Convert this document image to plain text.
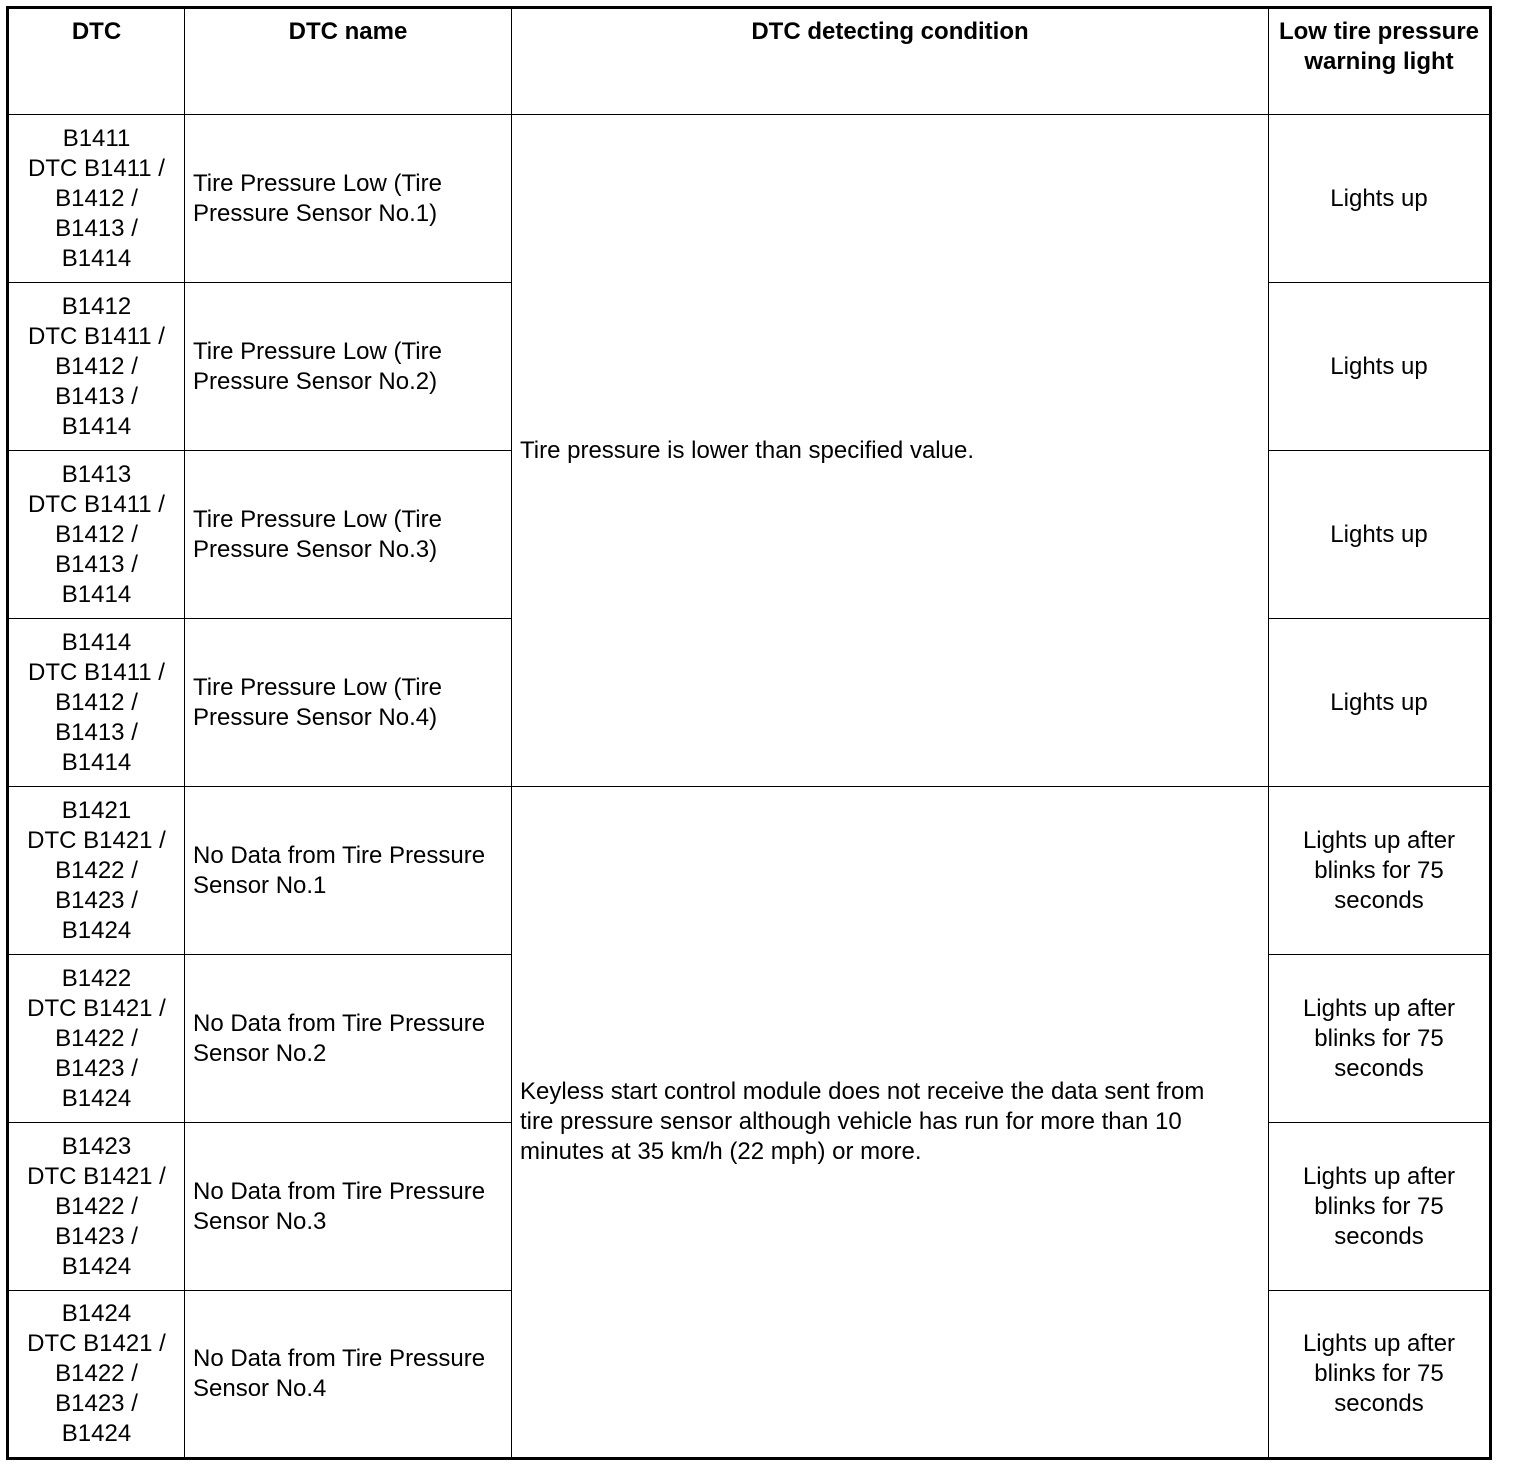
DTC	DTC name	DTC detecting condition	Low tire pressure warning light

B1411
DTC B1411 /
B1412 /
B1413 /
B1414	Tire Pressure Low (Tire Pressure Sensor No.1)	Tire pressure is lower than specified value.	Lights up

B1412
DTC B1411 /
B1412 /
B1413 /
B1414	Tire Pressure Low (Tire Pressure Sensor No.2)		Lights up

B1413
DTC B1411 /
B1412 /
B1413 /
B1414	Tire Pressure Low (Tire Pressure Sensor No.3)		Lights up

B1414
DTC B1411 /
B1412 /
B1413 /
B1414	Tire Pressure Low (Tire Pressure Sensor No.4)		Lights up

B1421
DTC B1421 /
B1422 /
B1423 /
B1424	No Data from Tire Pressure Sensor No.1	Keyless start control module does not receive the data sent from tire pressure sensor although vehicle has run for more than 10 minutes at 35 km/h (22 mph) or more.	Lights up after blinks for 75 seconds

B1422
DTC B1421 /
B1422 /
B1423 /
B1424	No Data from Tire Pressure Sensor No.2		Lights up after blinks for 75 seconds

B1423
DTC B1421 /
B1422 /
B1423 /
B1424	No Data from Tire Pressure Sensor No.3		Lights up after blinks for 75 seconds

B1424
DTC B1421 /
B1422 /
B1423 /
B1424	No Data from Tire Pressure Sensor No.4		Lights up after blinks for 75 seconds
